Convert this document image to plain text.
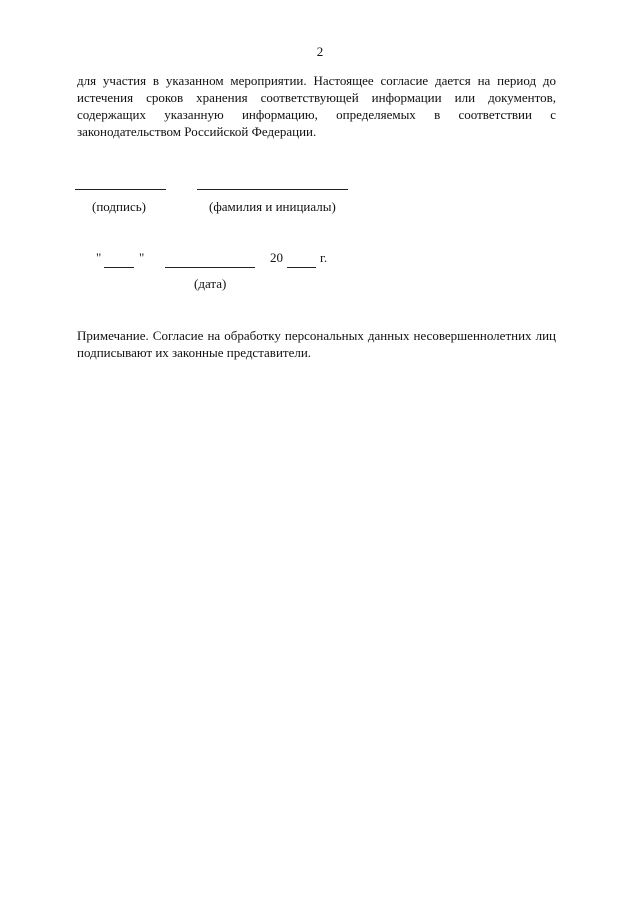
2

для участия в указанном мероприятии. Настоящее согласие дается на период до
истечения сроков хранения соответствующей информации или документов,
содержащих указанную информацию, определяемых в соответствии с
законодательством Российской Федерации.

(подпись)	(фамилия и инициалы)
"	"	20	г.
(дата)

Примечание. Согласие на обработку персональных данных несовершеннолетних лиц
подписывают их законные представители.
